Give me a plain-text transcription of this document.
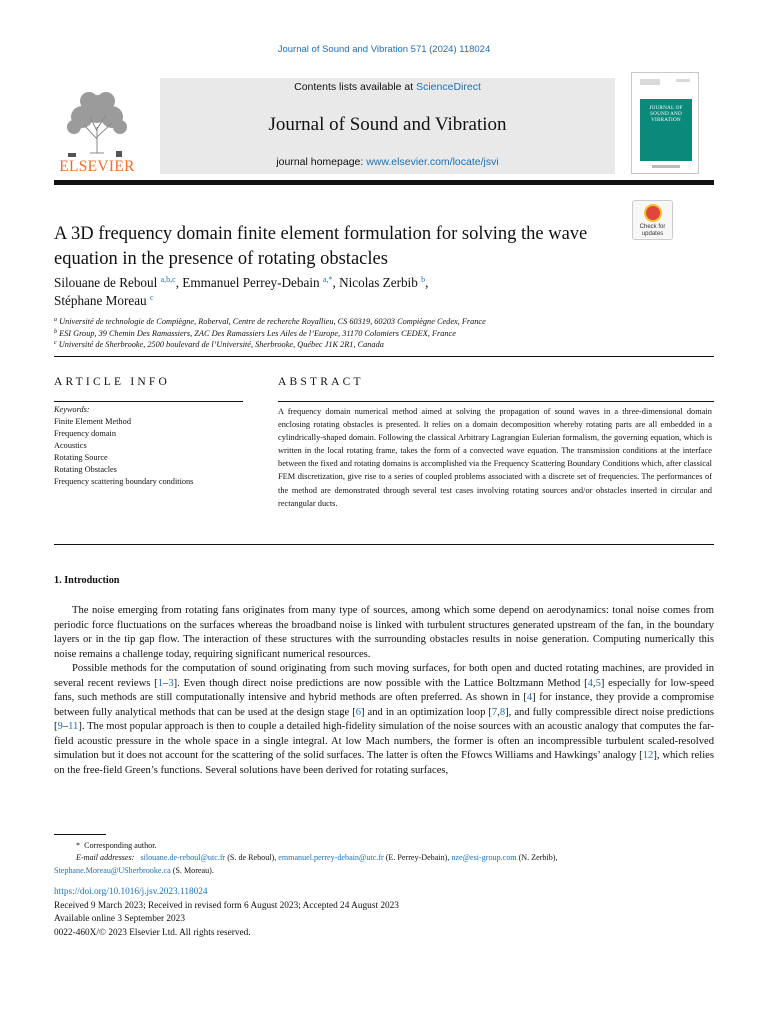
Journal of Sound and Vibration 571 (2024) 118024
ELSEVIER
Contents lists available at ScienceDirect
Journal of Sound and Vibration
journal homepage: www.elsevier.com/locate/jsvi
JOURNAL OF SOUND AND VIBRATION
A 3D frequency domain finite element formulation for solving the wave equation in the presence of rotating obstacles
Check for updates
Silouane de Reboul $^{a,b,c}$, Emmanuel Perrey-Debain $^{a,*}$, Nicolas Zerbib $^b$,
Stéphane Moreau $^c$
$^a$ Université de technologie de Compiègne, Roberval, Centre de recherche Royallieu, CS 60319, 60203 Compiègne Cedex, France
$^b$ ESI Group, 39 Chemin Des Ramassiers, ZAC Des Ramassiers Les Ailes de l’Europe, 31170 Colomiers CEDEX, France
$^c$ Université de Sherbrooke, 2500 boulevard de l’Université, Sherbrooke, Québec J1K 2R1, Canada
ARTICLE INFO
Keywords:
Finite Element Method
Frequency domain
Acoustics
Rotating Source
Rotating Obstacles
Frequency scattering boundary conditions
ABSTRACT
A frequency domain numerical method aimed at solving the propagation of sound waves in a three-dimensional domain enclosing rotating obstacles is presented. It relies on a domain decomposition whereby rotating parts are all embedded in a cylindrically-shaped domain. Following the classical Arbitrary Lagrangian Eulerian formalism, the governing equation, which is written in the local rotating frame, takes the form of a convected wave equation. The transmission conditions at the interface between the fixed and rotating domains is accomplished via the Frequency Scattering Boundary Conditions which, after classical FEM discretization, give rise to a series of coupled problems associated with a discrete set of frequencies. The performances of the method are demonstrated through several test cases involving rotating sources and/or obstacles inserted in circular and rectangular ducts.
1. Introduction

The noise emerging from rotating fans originates from many type of sources, among which some depend on aerodynamics: tonal noise comes from periodic force fluctuations on the surfaces whereas the broadband noise is linked with turbulent structures generated upstream of the fan, in the boundary layers or in the tip gap flow. The interaction of these structures with the surrounding obstacles results in noise generation. Computing numerically this noise remains a challenge today, requiring significant numerical resources.

Possible methods for the computation of sound originating from such moving surfaces, for both open and ducted rotating machines, are provided in several recent reviews [1–3]. Even though direct noise predictions are now possible with the Lattice Boltzmann Method [4,5] especially for low-speed fans, such methods are still computationally intensive and hybrid methods are often preferred. As shown in [4] for instance, they provide a compromise between fully analytical methods that can be used at the design stage [6] and in an optimization loop [7,8], and fully compressible direct noise predictions [9–11]. The most popular approach is then to couple a detailed high-fidelity simulation of the noise sources with an acoustic analogy that computes the far-field acoustic pressure in the whole space in a single integral. At low Mach numbers, the former is often an incompressible turbulent scaled-resolved simulation but it does not account for the scattering of the solid surfaces. The latter is often the Ffowcs Williams and Hawkings’ analogy [12], which relies on the free-field Green’s functions. Several solutions have been derived for rotating surfaces,

* Corresponding author.
E-mail addresses: silouane.de-reboul@utc.fr (S. de Reboul), emmanuel.perrey-debain@utc.fr (E. Perrey-Debain), nze@esi-group.com (N. Zerbib),
Stephane.Moreau@USherbrooke.ca (S. Moreau).
https://doi.org/10.1016/j.jsv.2023.118024
Received 9 March 2023; Received in revised form 6 August 2023; Accepted 24 August 2023
Available online 3 September 2023
0022-460X/© 2023 Elsevier Ltd. All rights reserved.
